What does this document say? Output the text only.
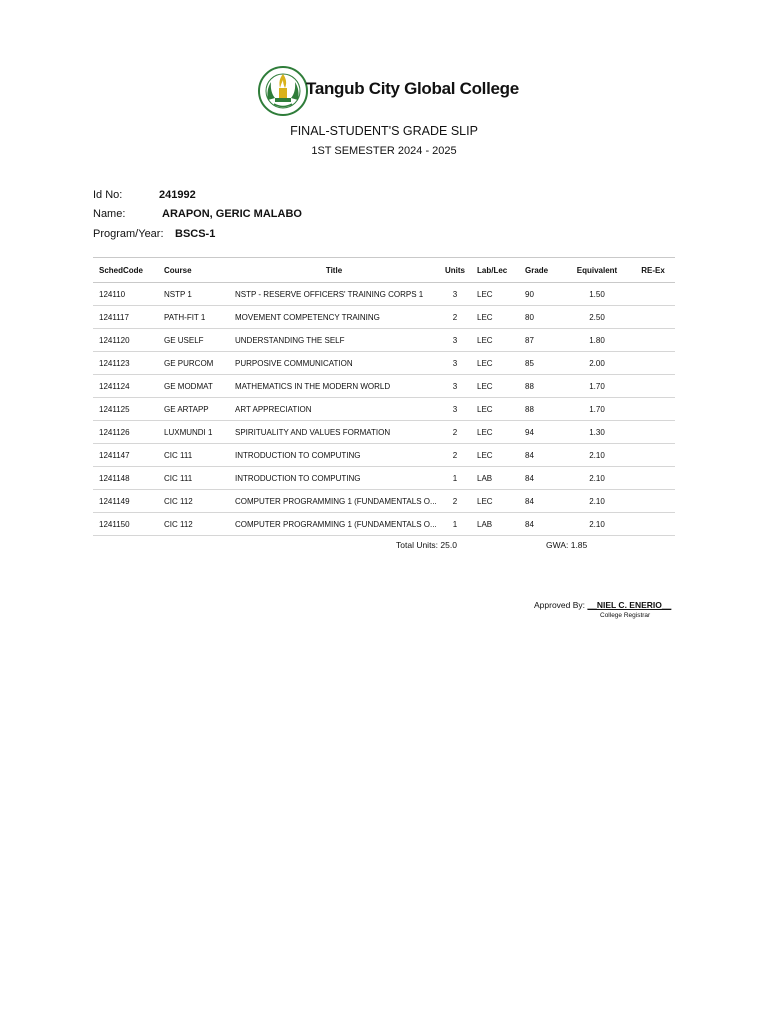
Tangub City Global College
FINAL-STUDENT'S GRADE SLIP
1ST SEMESTER 2024 - 2025
Id No:	241992
Name:	ARAPON, GERIC MALABO
Program/Year: BSCS-1
SchedCode	Course	Title	Units	Lab/Lec	Grade	Equivalent	RE-Ex
124110	NSTP 1	NSTP - RESERVE OFFICERS' TRAINING CORPS 1	3	LEC	90	1.50	
1241117	PATH-FIT 1	MOVEMENT COMPETENCY TRAINING	2	LEC	80	2.50	
1241120	GE USELF	UNDERSTANDING THE SELF	3	LEC	87	1.80	
1241123	GE PURCOM	PURPOSIVE COMMUNICATION	3	LEC	85	2.00	
1241124	GE MODMAT	MATHEMATICS IN THE MODERN WORLD	3	LEC	88	1.70	
1241125	GE ARTAPP	ART APPRECIATION	3	LEC	88	1.70	
1241126	LUXMUNDI 1	SPIRITUALITY AND VALUES FORMATION	2	LEC	94	1.30	
1241147	CIC 111	INTRODUCTION TO COMPUTING	2	LEC	84	2.10	
1241148	CIC 111	INTRODUCTION TO COMPUTING	1	LAB	84	2.10	
1241149	CIC 112	COMPUTER PROGRAMMING 1 (FUNDAMENTALS O...	2	LEC	84	2.10	
1241150	CIC 112	COMPUTER PROGRAMMING 1 (FUNDAMENTALS O...	1	LAB	84	2.10	
Total Units: 25.0	GWA: 1.85
Approved By: __NIEL C. ENERIO__
College Registrar
